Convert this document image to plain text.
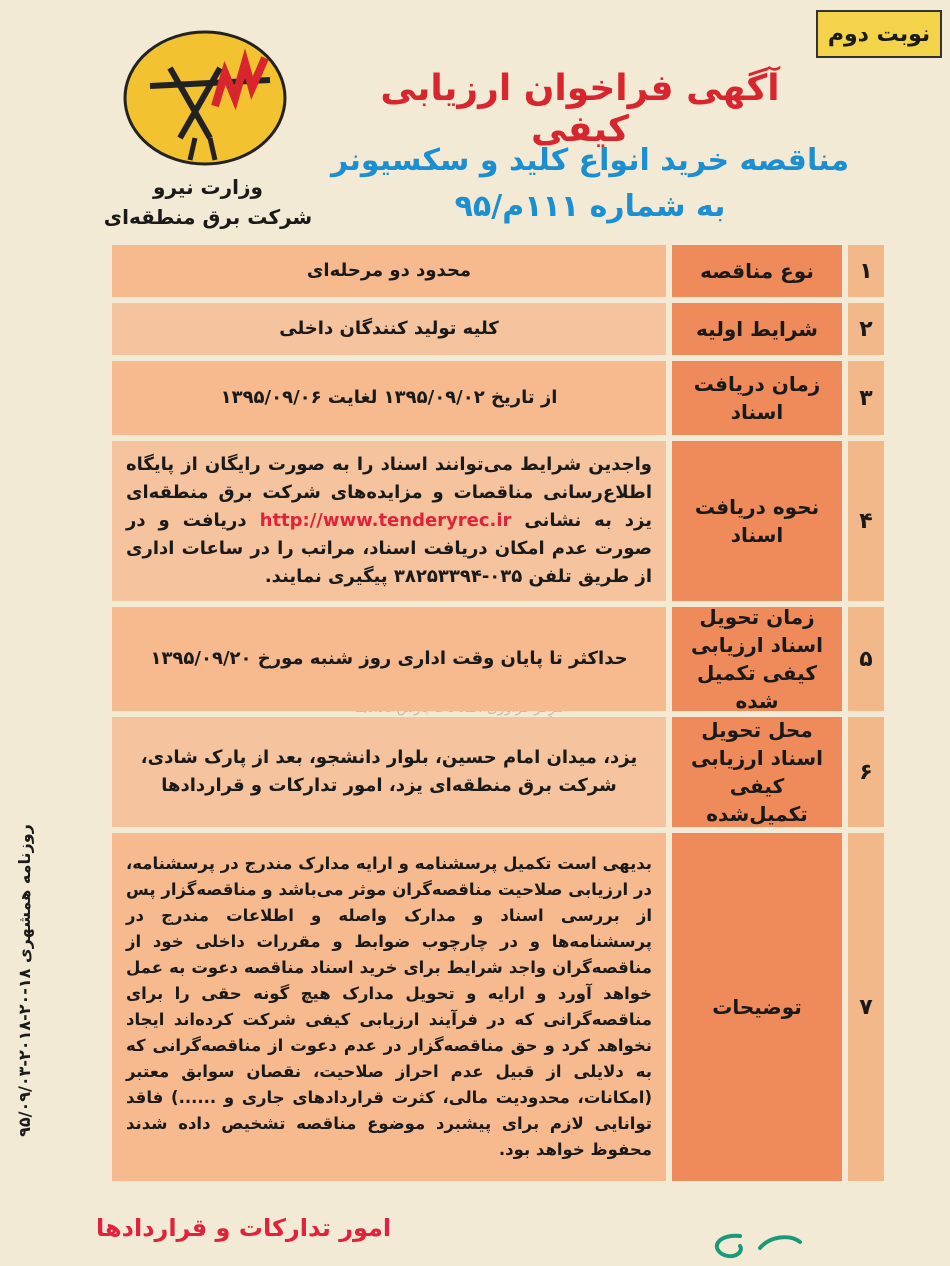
نوبت دوم
وزارت نیرو
شرکت برق منطقه‌ای
آگهی فراخوان ارزیابی کیفی
مناقصه خرید انواع کلید و سکسیونر
به شماره ۱۱۱م/۹۵
۱
نوع مناقصه
محدود دو مرحله‌ای
۲
شرایط اولیه
کلیه تولید کنندگان داخلی
۳
زمان دریافت اسناد
از تاریخ ۱۳۹۵/۰۹/۰۲ لغایت ۱۳۹۵/۰۹/۰۶
۴
نحوه دریافت اسناد
واجدین شرایط می‌توانند اسناد را به صورت رایگان از پایگاه اطلاع‌رسانی مناقصات و مزایده‌های شرکت برق منطقه‌ای یزد به نشانی http://www.tenderyrec.ir دریافت و در صورت عدم امکان دریافت اسناد، مراتب را در ساعات اداری از طریق تلفن ۰۳۵-۳۸۲۵۳۳۹۴ پیگیری نمایند.
۵
زمان تحویل اسناد ارزیابی کیفی تکمیل شده
حداکثر تا پایان وقت اداری روز شنبه مورخ ۱۳۹۵/۰۹/۲۰
۶
محل تحویل اسناد ارزیابی کیفی تکمیل‌شده
یزد، میدان امام حسین، بلوار دانشجو، بعد از پارک شادی، شرکت برق منطقه‌ای یزد، امور تدارکات و قراردادها
۷
توضیحات
بدیهی است تکمیل پرسشنامه و ارایه مدارک مندرج در پرسشنامه، در ارزیابی صلاحیت مناقصه‌گران موثر می‌باشد و مناقصه‌گزار پس از بررسی اسناد و مدارک واصله و اطلاعات مندرج در پرسشنامه‌ها و در چارچوب ضوابط و مقررات داخلی خود از مناقصه‌گران واجد شرایط برای خرید اسناد مناقصه دعوت به عمل خواهد آورد و ارایه و تحویل مدارک هیچ گونه حقی را برای مناقصه‌گرانی که در فرآیند ارزیابی کیفی شرکت کرده‌اند ایجاد نخواهد کرد و حق مناقصه‌گزار در عدم دعوت از مناقصه‌گرانی که به دلایلی از قبیل عدم احراز صلاحیت، نقصان سوابق معتبر (امکانات، محدودیت مالی، کثرت قراردادهای جاری و ......) فاقد توانایی لازم برای پیشبرد موضوع مناقصه تشخیص داده شدند محفوظ خواهد بود.
روزنامه همشهری ۱۸-۲۰-۲۰۱۸-۹۵/۰۹/۰۳
امور تدارکات و قراردادها
